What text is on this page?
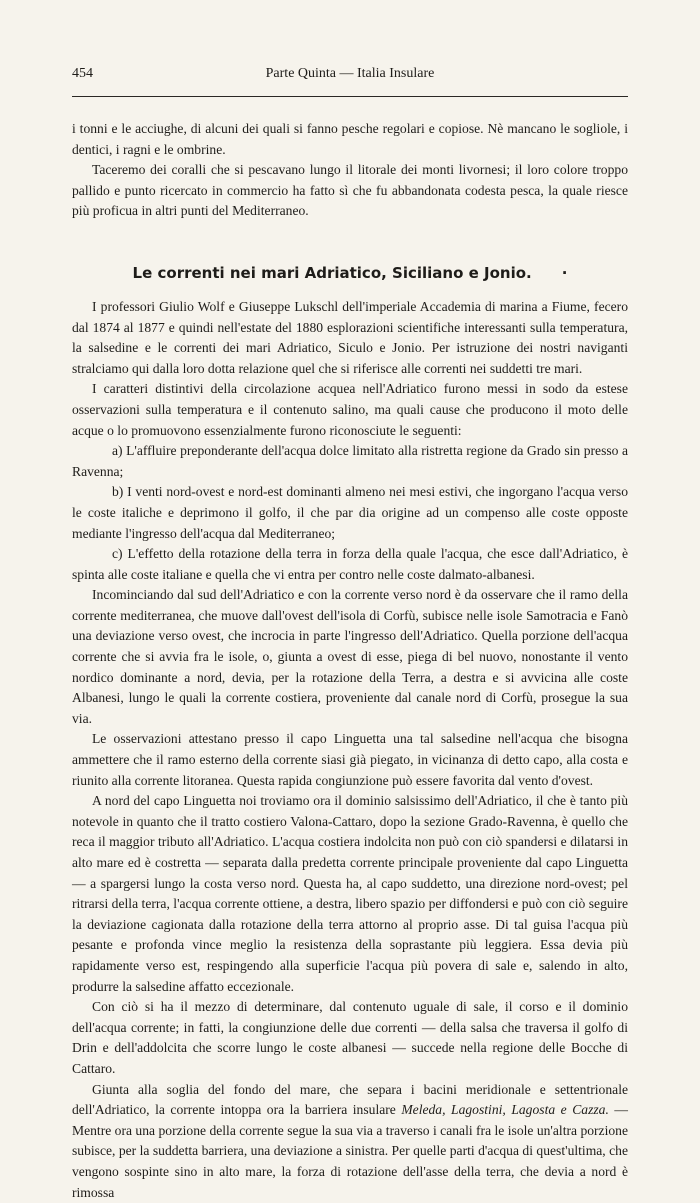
454	Parte Quinta — Italia Insulare

i tonni e le acciughe, di alcuni dei quali si fanno pesche regolari e copiose. Nè mancano le sogliole, i dentici, i ragni e le ombrine.

Taceremo dei coralli che si pescavano lungo il litorale dei monti livornesi; il loro colore troppo pallido e punto ricercato in commercio ha fatto sì che fu abbandonata codesta pesca, la quale riesce più proficua in altri punti del Mediterraneo.

Le correnti nei mari Adriatico, Siciliano e Jonio. ·

I professori Giulio Wolf e Giuseppe Lukschl dell'imperiale Accademia di marina a Fiume, fecero dal 1874 al 1877 e quindi nell'estate del 1880 esplorazioni scientifiche interessanti sulla temperatura, la salsedine e le correnti dei mari Adriatico, Siculo e Jonio. Per istruzione dei nostri naviganti stralciamo qui dalla loro dotta relazione quel che si riferisce alle correnti nei suddetti tre mari.

I caratteri distintivi della circolazione acquea nell'Adriatico furono messi in sodo da estese osservazioni sulla temperatura e il contenuto salino, ma quali cause che producono il moto delle acque o lo promuovono essenzialmente furono riconosciute le seguenti:

a) L'affluire preponderante dell'acqua dolce limitato alla ristretta regione da Grado sin presso a Ravenna;

b) I venti nord-ovest e nord-est dominanti almeno nei mesi estivi, che ingorgano l'acqua verso le coste italiche e deprimono il golfo, il che par dia origine ad un compenso alle coste opposte mediante l'ingresso dell'acqua dal Mediterraneo;

c) L'effetto della rotazione della terra in forza della quale l'acqua, che esce dall'Adriatico, è spinta alle coste italiane e quella che vi entra per contro nelle coste dalmato-albanesi.

Incominciando dal sud dell'Adriatico e con la corrente verso nord è da osservare che il ramo della corrente mediterranea, che muove dall'ovest dell'isola di Corfù, subisce nelle isole Samotracia e Fanò una deviazione verso ovest, che incrocia in parte l'ingresso dell'Adriatico. Quella porzione dell'acqua corrente che si avvia fra le isole, o, giunta a ovest di esse, piega di bel nuovo, nonostante il vento nordico dominante a nord, devia, per la rotazione della Terra, a destra e si avvicina alle coste Albanesi, lungo le quali la corrente costiera, proveniente dal canale nord di Corfù, prosegue la sua via.

Le osservazioni attestano presso il capo Linguetta una tal salsedine nell'acqua che bisogna ammettere che il ramo esterno della corrente siasi già piegato, in vicinanza di detto capo, alla costa e riunito alla corrente litoranea. Questa rapida congiunzione può essere favorita dal vento d'ovest.

A nord del capo Linguetta noi troviamo ora il dominio salsissimo dell'Adriatico, il che è tanto più notevole in quanto che il tratto costiero Valona-Cattaro, dopo la sezione Grado-Ravenna, è quello che reca il maggior tributo all'Adriatico. L'acqua costiera indolcita non può con ciò spandersi e dilatarsi in alto mare ed è costretta — separata dalla predetta corrente principale proveniente dal capo Linguetta — a spargersi lungo la costa verso nord. Questa ha, al capo suddetto, una direzione nord-ovest; pel ritrarsi della terra, l'acqua corrente ottiene, a destra, libero spazio per diffondersi e può con ciò seguire la deviazione cagionata dalla rotazione della terra attorno al proprio asse. Di tal guisa l'acqua più pesante e profonda vince meglio la resistenza della soprastante più leggiera. Essa devia più rapidamente verso est, respingendo alla superficie l'acqua più povera di sale e, salendo in alto, produrre la salsedine affatto eccezionale.

Con ciò si ha il mezzo di determinare, dal contenuto uguale di sale, il corso e il dominio dell'acqua corrente; in fatti, la congiunzione delle due correnti — della salsa che traversa il golfo di Drin e dell'addolcita che scorre lungo le coste albanesi — succede nella regione delle Bocche di Cattaro.

Giunta alla soglia del fondo del mare, che separa i bacini meridionale e settentrionale dell'Adriatico, la corrente intoppa ora la barriera insulare Meleda, Lagostini, Lagosta e Cazza. — Mentre ora una porzione della corrente segue la sua via a traverso i canali fra le isole un'altra porzione subisce, per la suddetta barriera, una deviazione a sinistra. Per quelle parti d'acqua di quest'ultima, che vengono sospinte sino in alto mare, la forza di rotazione dell'asse della terra, che devia a nord è rimossa
